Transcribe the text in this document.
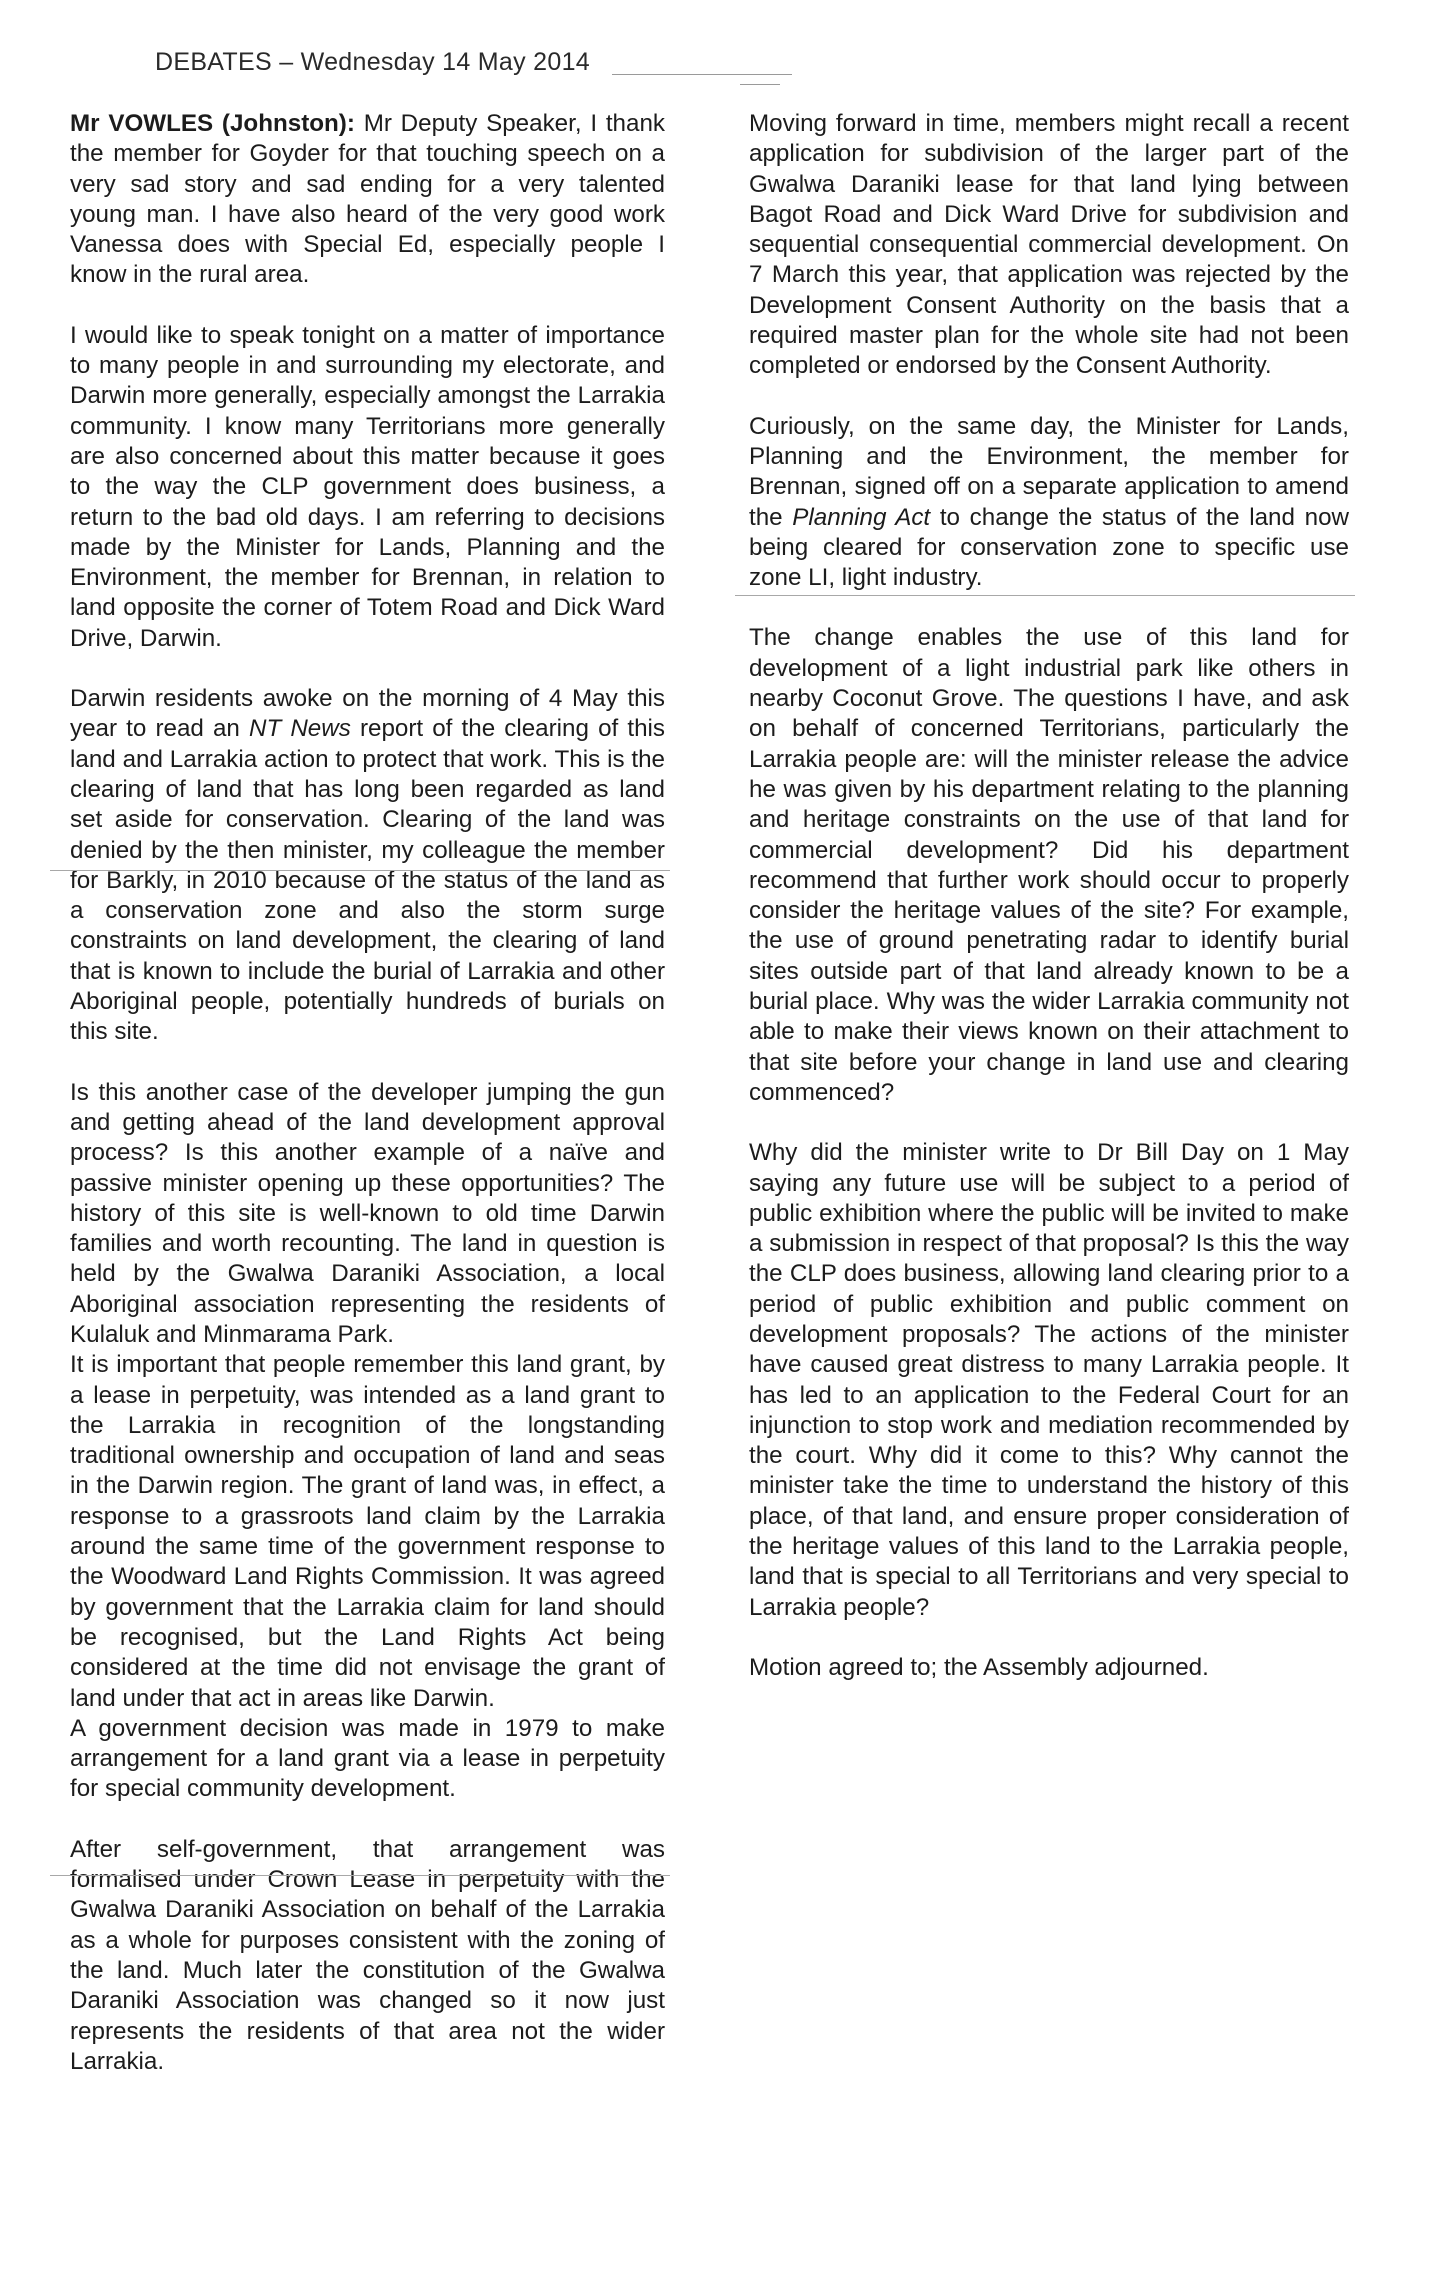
DEBATES – Wednesday 14 May 2014

Mr VOWLES (Johnston): Mr Deputy Speaker, I thank the member for Goyder for that touching speech on a very sad story and sad ending for a very talented young man. I have also heard of the very good work Vanessa does with Special Ed, especially people I know in the rural area.

I would like to speak tonight on a matter of importance to many people in and surrounding my electorate, and Darwin more generally, especially amongst the Larrakia community. I know many Territorians more generally are also concerned about this matter because it goes to the way the CLP government does business, a return to the bad old days. I am referring to decisions made by the Minister for Lands, Planning and the Environment, the member for Brennan, in relation to land opposite the corner of Totem Road and Dick Ward Drive, Darwin.

Darwin residents awoke on the morning of 4 May this year to read an NT News report of the clearing of this land and Larrakia action to protect that work. This is the clearing of land that has long been regarded as land set aside for conservation. Clearing of the land was denied by the then minister, my colleague the member for Barkly, in 2010 because of the status of the land as a conservation zone and also the storm surge constraints on land development, the clearing of land that is known to include the burial of Larrakia and other Aboriginal people, potentially hundreds of burials on this site.

Is this another case of the developer jumping the gun and getting ahead of the land development approval process? Is this another example of a naïve and passive minister opening up these opportunities? The history of this site is well-known to old time Darwin families and worth recounting. The land in question is held by the Gwalwa Daraniki Association, a local Aboriginal association representing the residents of Kulaluk and Minmarama Park.

It is important that people remember this land grant, by a lease in perpetuity, was intended as a land grant to the Larrakia in recognition of the longstanding traditional ownership and occupation of land and seas in the Darwin region. The grant of land was, in effect, a response to a grassroots land claim by the Larrakia around the same time of the government response to the Woodward Land Rights Commission. It was agreed by government that the Larrakia claim for land should be recognised, but the Land Rights Act being considered at the time did not envisage the grant of land under that act in areas like Darwin.

A government decision was made in 1979 to make arrangement for a land grant via a lease in perpetuity for special community development.

After self-government, that arrangement was formalised under Crown Lease in perpetuity with the Gwalwa Daraniki Association on behalf of the Larrakia as a whole for purposes consistent with the zoning of the land. Much later the constitution of the Gwalwa Daraniki Association was changed so it now just represents the residents of that area not the wider Larrakia.

Moving forward in time, members might recall a recent application for subdivision of the larger part of the Gwalwa Daraniki lease for that land lying between Bagot Road and Dick Ward Drive for subdivision and sequential consequential commercial development. On 7 March this year, that application was rejected by the Development Consent Authority on the basis that a required master plan for the whole site had not been completed or endorsed by the Consent Authority.

Curiously, on the same day, the Minister for Lands, Planning and the Environment, the member for Brennan, signed off on a separate application to amend the Planning Act to change the status of the land now being cleared for conservation zone to specific use zone LI, light industry.

The change enables the use of this land for development of a light industrial park like others in nearby Coconut Grove. The questions I have, and ask on behalf of concerned Territorians, particularly the Larrakia people are: will the minister release the advice he was given by his department relating to the planning and heritage constraints on the use of that land for commercial development? Did his department recommend that further work should occur to properly consider the heritage values of the site? For example, the use of ground penetrating radar to identify burial sites outside part of that land already known to be a burial place. Why was the wider Larrakia community not able to make their views known on their attachment to that site before your change in land use and clearing commenced?

Why did the minister write to Dr Bill Day on 1 May saying any future use will be subject to a period of public exhibition where the public will be invited to make a submission in respect of that proposal? Is this the way the CLP does business, allowing land clearing prior to a period of public exhibition and public comment on development proposals? The actions of the minister have caused great distress to many Larrakia people. It has led to an application to the Federal Court for an injunction to stop work and mediation recommended by the court. Why did it come to this? Why cannot the minister take the time to understand the history of this place, of that land, and ensure proper consideration of the heritage values of this land to the Larrakia people, land that is special to all Territorians and very special to Larrakia people?

Motion agreed to; the Assembly adjourned.
